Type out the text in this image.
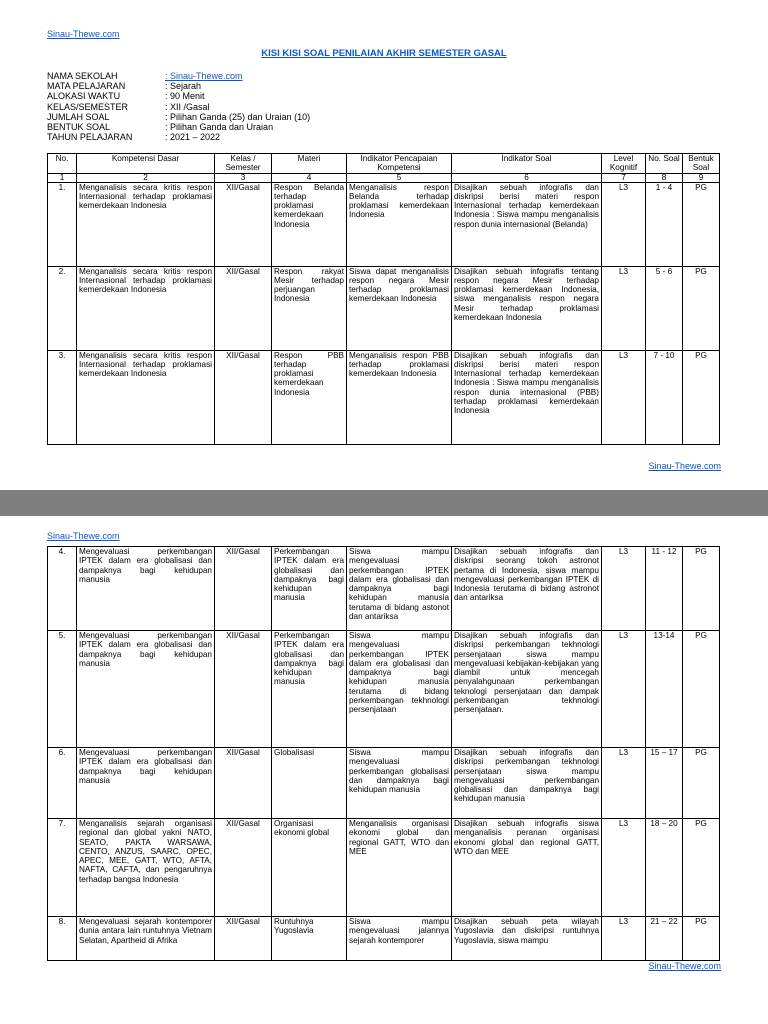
Sinau-Thewe.com
KISI KISI SOAL PENILAIAN AKHIR SEMESTER GASAL
NAMA SEKOLAH	: Sinau-Thewe.com
MATA PELAJARAN	: Sejarah
ALOKASI WAKTU	: 90 Menit
KELAS/SEMESTER	: XII /Gasal
JUMLAH SOAL	: Pilihan Ganda (25) dan Uraian (10)
BENTUK SOAL	: Pilihan Ganda dan Uraian
TAHUN PELAJARAN	: 2021 – 2022
No.	Kompetensi Dasar	Kelas / Semester	Materi	Indikator Pencapaian Kompetensi	Indikator Soal	Level Kognitif	No. Soal	Bentuk Soal
1	2	3	4	5	6	7	8	9
1.	Menganalisis secara kritis respon Internasional terhadap proklamasi kemerdekaan Indonesia	XII/Gasal	Respon Belanda terhadap proklamasi kemerdekaan Indonesia	Menganalisis respon Belanda terhadap proklamasi kemerdekaan Indonesia	Disajikan sebuah infografis dan diskripsi berisi materi respon Internasional terhadap kemerdekaan Indonesia : Siswa mampu menganalisis respon dunia internasional (Belanda)	L3	1 - 4	PG
2.	Menganalisis secara kritis respon Internasional terhadap proklamasi kemerdekaan Indonesia	XII/Gasal	Respon rakyat Mesir terhadap perjuangan Indonesia	Siswa dapat menganalisis respon negara Mesir terhadap proklamasi kemerdekaan Indonesia	Disajikan sebuah infografis tentang respon negara Mesir terhadap proklamasi kemerdekaan Indonesia, siswa menganalisis respon negara Mesir terhadap proklamasi kemerdekaan Indonesia	L3	5 - 6	PG
3.	Menganalisis secara kritis respon Internasional terhadap proklamasi kemerdekaan Indonesia	XII/Gasal	Respon PBB terhadap proklamasi kemerdekaan Indonesia	Menganalisis respon PBB terhadap proklamasi kemerdekaan Indonesia	Disajikan sebuah infografis dan diskripsi berisi materi respon Internasional terhadap kemerdekaan Indonesia : Siswa mampu menganalisis respon dunia internasional (PBB) terhadap proklamasi kemerdekaan Indonesia	L3	7 - 10	PG
Sinau-Thewe.com
Sinau-Thewe.com
4.	Mengevaluasi perkembangan IPTEK dalam era globalisasi dan dampaknya bagi kehidupan manusia	XII/Gasal	Perkembangan IPTEK dalam era globalisasi dan dampaknya bagi kehidupan manusia	Siswa mampu mengevaluasi perkembangan IPTEK dalam era globalisasi dan dampaknya bagi kehidupan manusia terutama di bidang astonot dan antariksa	Disajikan sebuah infografis dan diskripsi seorang tokoh astronot pertama di Indonesia, siswa mampu mengevaluasi perkembangan IPTEK di Indonesia terutama di bidang astronot dan antariksa	L3	11 - 12	PG
5.	Mengevaluasi perkembangan IPTEK dalam era globalisasi dan dampaknya bagi kehidupan manusia	XII/Gasal	Perkembangan IPTEK dalam era globalisasi dan dampaknya bagi kehidupan manusia	Siswa mampu mengevaluasi perkembangan IPTEK dalam era globalisasi dan dampaknya bagi kehidupan manusia terutama di bidang perkembangan tekhnologi persenjataan	Disajikan sebuah infografis dan diskripsi perkembangan tekhnologi persenjataan siswa mampu mengevaluasi kebijakan-kebijakan yang diambil untuk mencegah penyalahgunaan perkembangan teknologi persenjataan dan dampak perkembangan tekhnologi persenjataan.	L3	13-14	PG
6.	Mengevaluasi perkembangan IPTEK dalam era globalisasi dan dampaknya bagi kehidupan manusia	XII/Gasal	Globalisasi	Siswa mampu mengevaluasi perkembangan globalisasi dan dampaknya bagi kehidupan manusia	Disajikan sebuah infografis dan diskripsi perkembangan tekhnologi persenjataan siswa mampu mengevaluasi perkembangan globalisasi dan dampaknya bagi kehidupan manusia	L3	15 – 17	PG
7.	Menganalisis sejarah organisasi regional dan global yakni NATO, SEATO, PAKTA WARSAWA, CENTO, ANZUS, SAARC, OPEC, APEC, MEE, GATT, WTO, AFTA, NAFTA, CAFTA, dan pengaruhnya terhadap bangsa Indonesia	XII/Gasal	Organisasi ekonomi global	Menganalisis organisasi ekonomi global dan regional GATT, WTO dan MEE	Disajikan sebuah infografis siswa menganalisis peranan organisasi ekonomi global dan regional GATT, WTO dan MEE	L3	18 – 20	PG
8.	Mengevaluasi sejarah kontemporer dunia antara lain runtuhnya Vietnam Selatan, Apartheid di Afrika	XII/Gasal	Runtuhnya Yugoslavia	Siswa mampu mengevaluasi jalannya sejarah kontemporer	Disajikan sebuah peta wilayah Yugoslavia dan diskripsi runtuhnya Yugoslavia, siswa mampu	L3	21 – 22	PG
Sinau-Thewe.com
